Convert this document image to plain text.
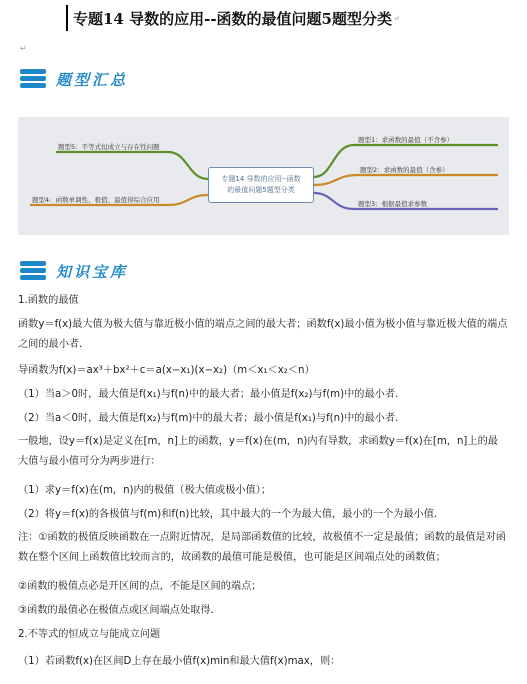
专题14 导数的应用--函数的最值问题5题型分类 ↵
↵
题型汇总
专题14 导数的应用--函数
的最值问题5题型分类
题型5：不等式恒成立与存在性问题
题型4：函数单调性、极值、最值得综合应用
题型1：求函数的最值（不含参）
题型2：求函数的最值（含参）
题型3：根据最值求参数
知识宝库
1.函数的最值
函数y＝f(x)最大值为极大值与靠近极小值的端点之间的最大者；函数f(x)最小值为极小值与靠近极大值的端点之间的最小者．
导函数为f(x)＝ax³＋bx²＋c＝a(x−x₁)(x−x₂)（m＜x₁＜x₂＜n）
（1）当a＞0时，最大值是f(x₁)与f(n)中的最大者；最小值是f(x₂)与f(m)中的最小者．
（2）当a＜0时，最大值是f(x₂)与f(m)中的最大者；最小值是f(x₁)与f(n)中的最小者．
一般地，设y＝f(x)是定义在[m，n]上的函数，y＝f(x)在(m，n)内有导数，求函数y＝f(x)在[m，n]上的最大值与最小值可分为两步进行：
（1）求y＝f(x)在(m，n)内的极值（极大值或极小值）；
（2）将y＝f(x)的各极值与f(m)和f(n)比较，其中最大的一个为最大值，最小的一个为最小值．
注：①函数的极值反映函数在一点附近情况，是局部函数值的比较，故极值不一定是最值；函数的最值是对函数在整个区间上函数值比较而言的，故函数的最值可能是极值，也可能是区间端点处的函数值；
②函数的极值点必是开区间的点，不能是区间的端点；
③函数的最值必在极值点或区间端点处取得．
2.不等式的恒成立与能成立问题
（1）若函数f(x)在区间D上存在最小值f(x)min和最大值f(x)max，则：
